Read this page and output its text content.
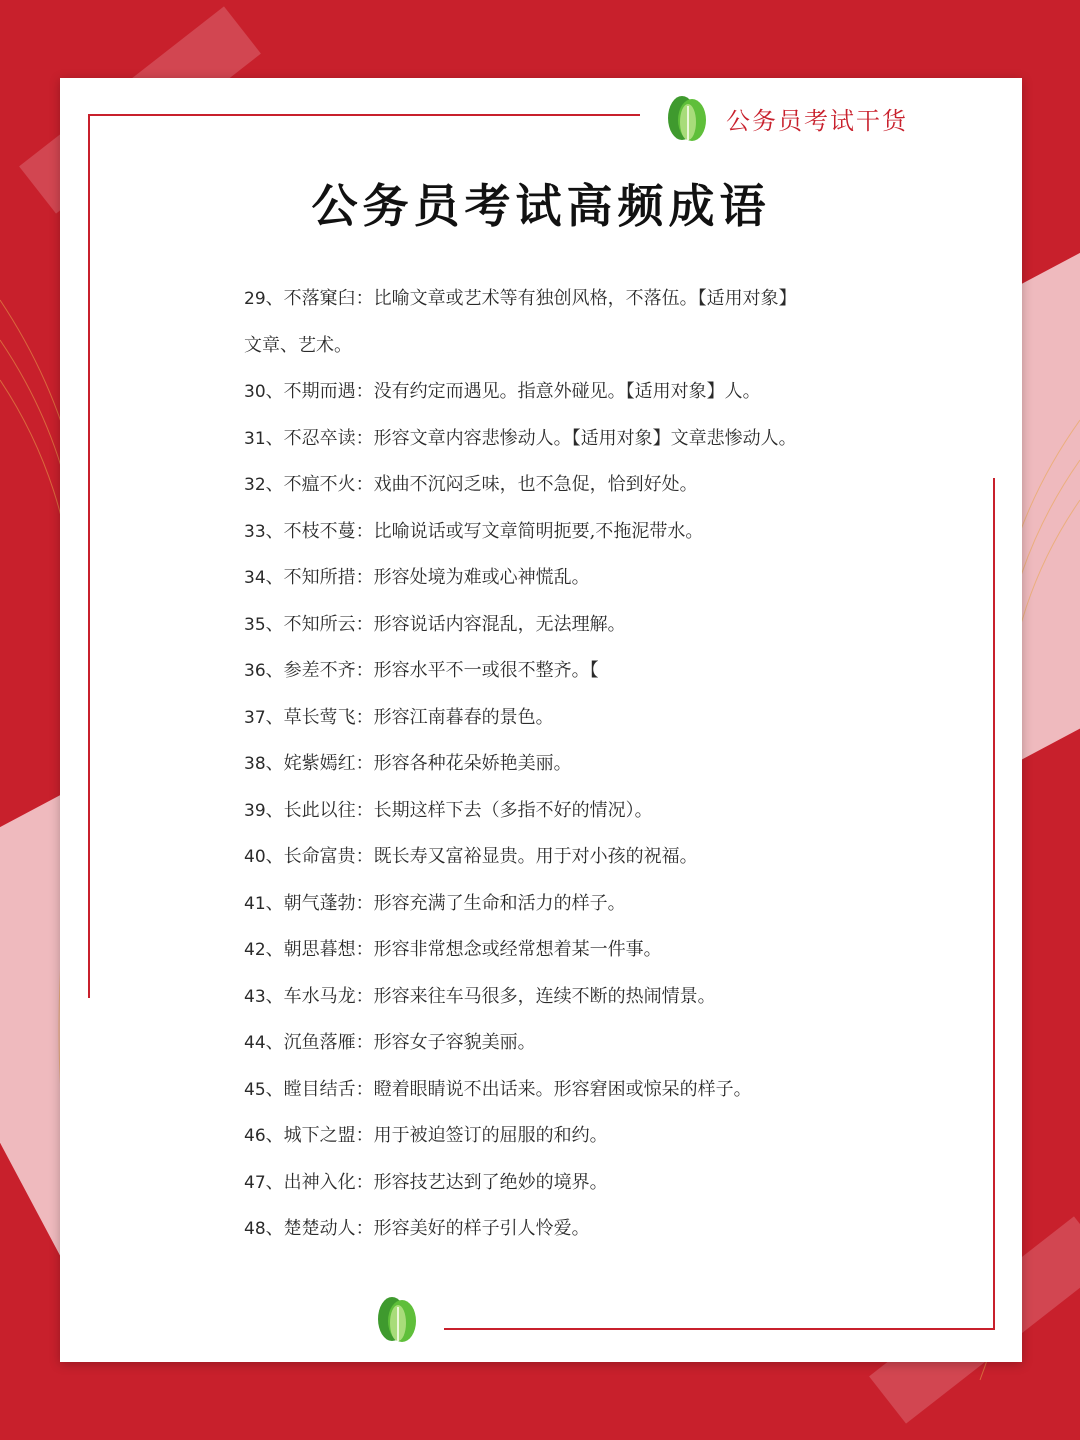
公务员考试干货
公务员考试高频成语
29、不落窠臼：比喻文章或艺术等有独创风格，不落伍。【适用对象】
文章、艺术。
30、不期而遇：没有约定而遇见。指意外碰见。【适用对象】人。
31、不忍卒读：形容文章内容悲惨动人。【适用对象】文章悲惨动人。
32、不瘟不火：戏曲不沉闷乏味，也不急促，恰到好处。
33、不枝不蔓：比喻说话或写文章简明扼要,不拖泥带水。
34、不知所措：形容处境为难或心神慌乱。
35、不知所云：形容说话内容混乱，无法理解。
36、参差不齐：形容水平不一或很不整齐。【
37、草长莺飞：形容江南暮春的景色。
38、姹紫嫣红：形容各种花朵娇艳美丽。
39、长此以往：长期这样下去（多指不好的情况）。
40、长命富贵：既长寿又富裕显贵。用于对小孩的祝福。
41、朝气蓬勃：形容充满了生命和活力的样子。
42、朝思暮想：形容非常想念或经常想着某一件事。
43、车水马龙：形容来往车马很多，连续不断的热闹情景。
44、沉鱼落雁：形容女子容貌美丽。
45、瞠目结舌：瞪着眼睛说不出话来。形容窘困或惊呆的样子。
46、城下之盟：用于被迫签订的屈服的和约。
47、出神入化：形容技艺达到了绝妙的境界。
48、楚楚动人：形容美好的样子引人怜爱。
